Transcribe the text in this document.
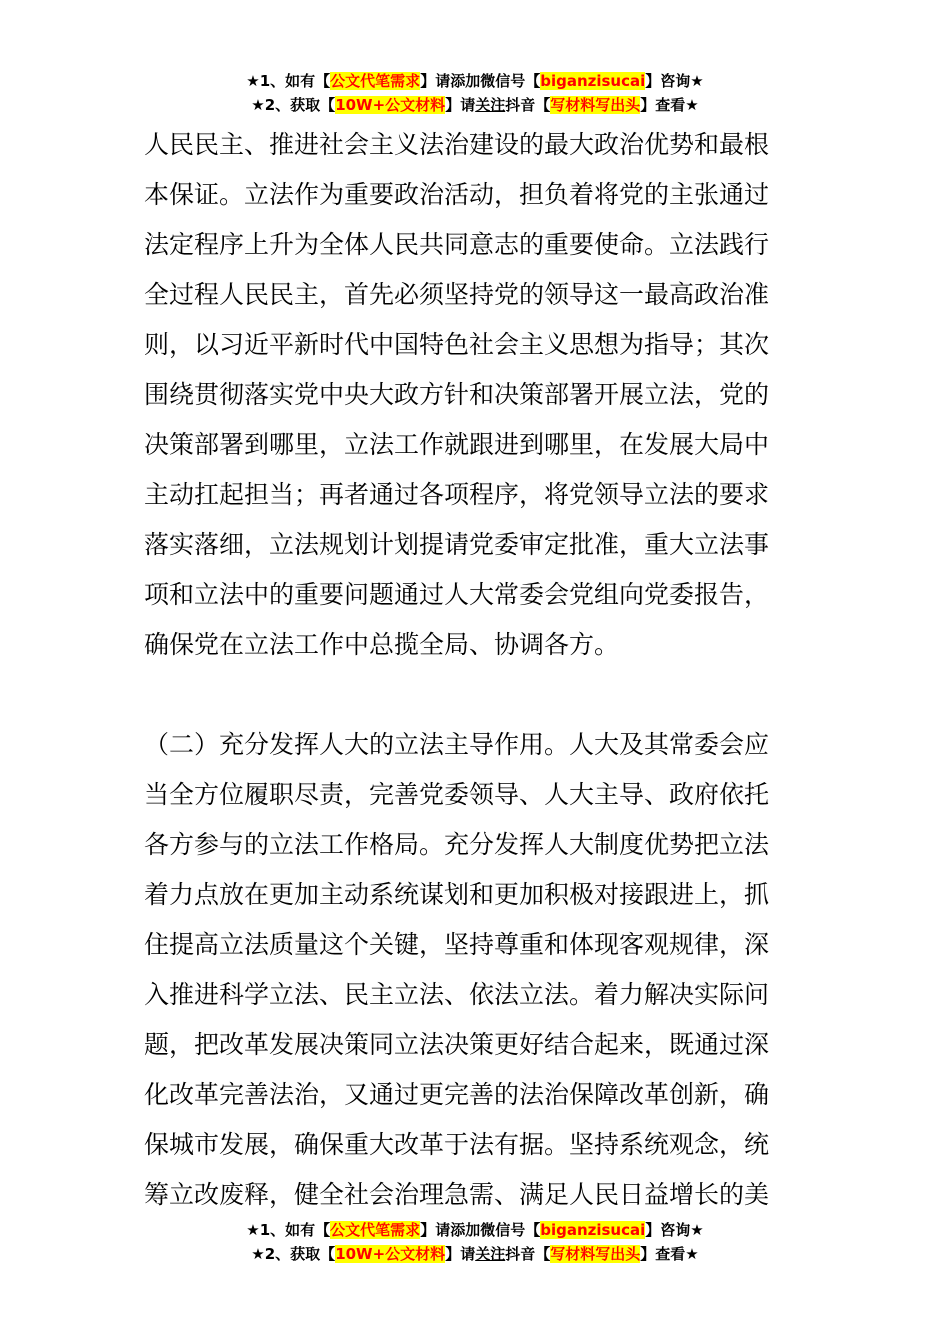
★1、如有【公文代笔需求】请添加微信号【biganzisucai】咨询★
★2、获取【10W+公文材料】请关注抖音【写材料写出头】查看★
人民民主、推进社会主义法治建设的最大政治优势和最根
本保证。立法作为重要政治活动，担负着将党的主张通过
法定程序上升为全体人民共同意志的重要使命。立法践行
全过程人民民主，首先必须坚持党的领导这一最高政治准
则，以习近平新时代中国特色社会主义思想为指导；其次
围绕贯彻落实党中央大政方针和决策部署开展立法，党的
决策部署到哪里，立法工作就跟进到哪里，在发展大局中
主动扛起担当；再者通过各项程序，将党领导立法的要求
落实落细，立法规划计划提请党委审定批准，重大立法事
项和立法中的重要问题通过人大常委会党组向党委报告，
确保党在立法工作中总揽全局、协调各方。
（二）充分发挥人大的立法主导作用。人大及其常委会应
当全方位履职尽责，完善党委领导、人大主导、政府依托
各方参与的立法工作格局。充分发挥人大制度优势把立法
着力点放在更加主动系统谋划和更加积极对接跟进上，抓
住提高立法质量这个关键，坚持尊重和体现客观规律，深
入推进科学立法、民主立法、依法立法。着力解决实际问
题，把改革发展决策同立法决策更好结合起来，既通过深
化改革完善法治，又通过更完善的法治保障改革创新，确
保城市发展，确保重大改革于法有据。坚持系统观念，统
筹立改废释，健全社会治理急需、满足人民日益增长的美
★1、如有【公文代笔需求】请添加微信号【biganzisucai】咨询★
★2、获取【10W+公文材料】请关注抖音【写材料写出头】查看★
